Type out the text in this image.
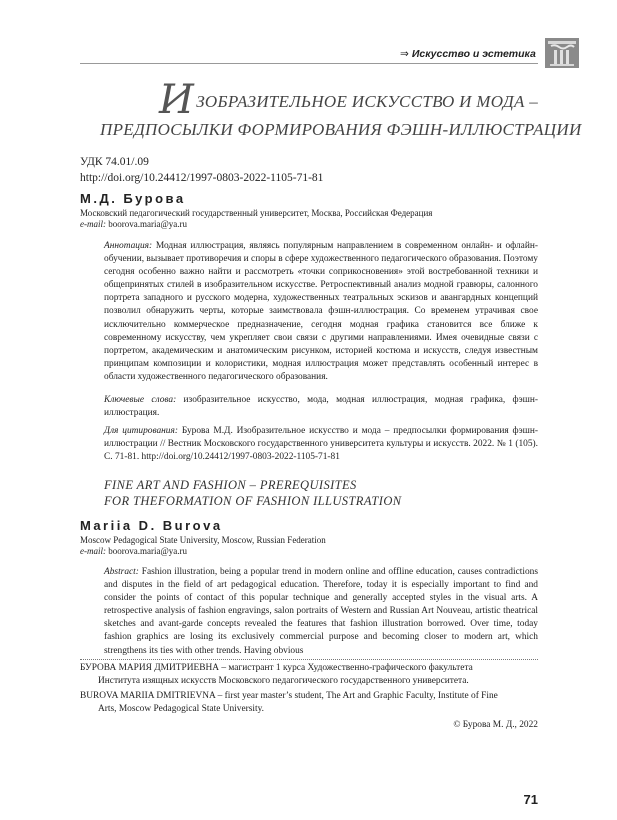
⇒ Искусство и эстетика
ИЗОБРАЗИТЕЛЬНОЕ ИСКУССТВО И МОДА –
ПРЕДПОСЫЛКИ ФОРМИРОВАНИЯ ФЭШН-ИЛЛЮСТРАЦИИ
УДК 74.01/.09
http://doi.org/10.24412/1997-0803-2022-1105-71-81
М.Д. Бурова
Московский педагогический государственный университет, Москва, Российская Федерация
e-mail: boorova.maria@ya.ru
Аннотация: Модная иллюстрация, являясь популярным направлением в современном онлайн- и офлайн-обучении, вызывает противоречия и споры в сфере художественного педагогического образования. Поэтому сегодня особенно важно найти и рассмотреть «точки соприкосновения» этой востребованной техники и общепринятых стилей в изобразительном искусстве. Ретроспективный анализ модной гравюры, салонного портрета западного и русского модерна, художественных театральных эскизов и авангардных концепций позволил обнаружить черты, которые заимствовала фэшн-иллюстрация. Со временем утрачивая свое исключительно коммерческое предназначение, сегодня модная графика становится все ближе к современному искусству, чем укрепляет свои связи с другими направлениями. Имея очевидные связи с портретом, академическим и анатомическим рисунком, историей костюма и искусств, следуя известным принципам композиции и колористики, модная иллюстрация может представлять особенный интерес в области художественного педагогического образования.
Ключевые слова: изобразительное искусство, мода, модная иллюстрация, модная графика, фэшн-иллюстрация.
Для цитирования: Бурова М.Д. Изобразительное искусство и мода – предпосылки формирования фэшн-иллюстрации // Вестник Московского государственного университета культуры и искусств. 2022. № 1 (105). С. 71-81. http://doi.org/10.24412/1997-0803-2022-1105-71-81
FINE ART AND FASHION – PREREQUISITES
FOR THEFORMATION OF FASHION ILLUSTRATION
Mariia D. Burova
Moscow Pedagogical State University, Moscow, Russian Federation
e-mail: boorova.maria@ya.ru
Abstract: Fashion illustration, being a popular trend in modern online and offline education, causes contradictions and disputes in the field of art pedagogical education. Therefore, today it is especially important to find and consider the points of contact of this popular technique and generally accepted styles in the visual arts. A retrospective analysis of fashion engravings, salon portraits of Western and Russian Art Nouveau, artistic theatrical sketches and avant-garde concepts revealed the features that fashion illustration borrowed. Over time, today fashion graphics are losing its exclusively commercial purpose and becoming closer to modern art, which strengthens its ties with other trends. Having obvious
БУРОВА МАРИЯ ДМИТРИЕВНА – магистрант 1 курса Художественно-графического факультета
Института изящных искусств Московского педагогического государственного университета.
BUROVA MARIIA DMITRIEVNA – first year master’s student, The Art and Graphic Faculty, Institute of Fine
Arts, Moscow Pedagogical State University.
© Бурова М. Д., 2022
71
